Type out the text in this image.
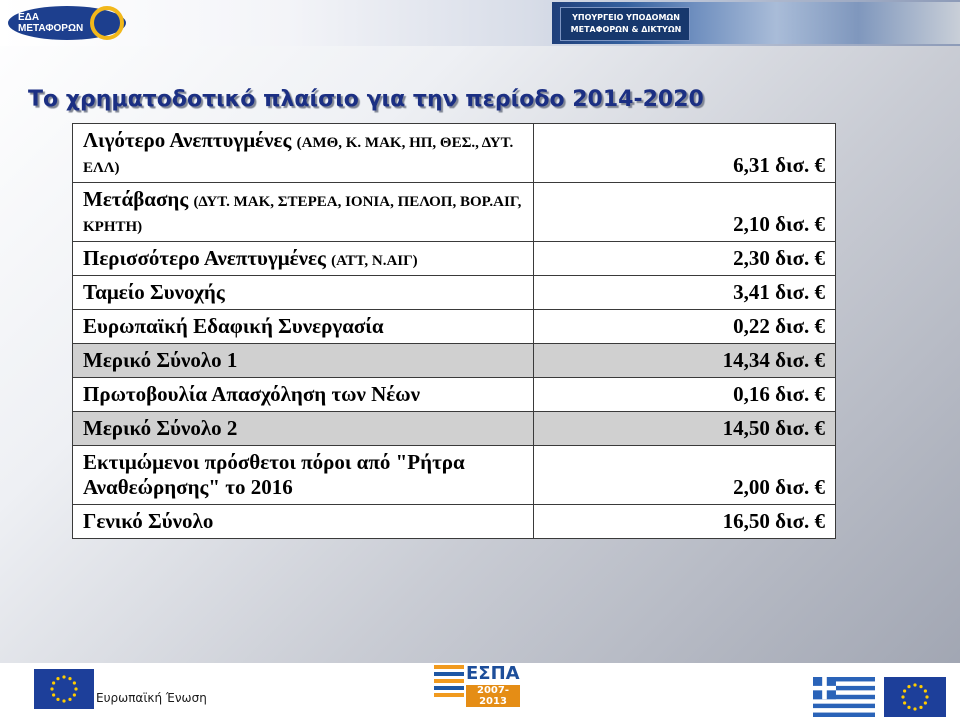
ΕΔΑ
ΜΕΤΑΦΟΡΩΝ
ΥΠΟΥΡΓΕΙΟ ΥΠΟΔΟΜΩΝ
ΜΕΤΑΦΟΡΩΝ & ΔΙΚΤΥΩΝ
Το χρηματοδοτικό πλαίσιο για την περίοδο 2014-2020
Λιγότερο Ανεπτυγμένες (ΑΜΘ, Κ. ΜΑΚ, ΗΠ, ΘΕΣ., ΔΥΤ. ΕΛΛ)	6,31 δισ. €
Μετάβασης (ΔΥΤ. ΜΑΚ, ΣΤΕΡΕΑ, ΙΟΝΙΑ, ΠΕΛΟΠ, ΒΟΡ.ΑΙΓ, ΚΡΗΤΗ)	2,10 δισ. €
Περισσότερο Ανεπτυγμένες (ΑΤΤ, Ν.ΑΙΓ)	2,30 δισ. €
Ταμείο Συνοχής	3,41 δισ. €
Ευρωπαϊκή Εδαφική Συνεργασία	0,22 δισ. €
Μερικό Σύνολο 1	14,34 δισ. €
Πρωτοβουλία Απασχόληση των Νέων	0,16 δισ. €
Μερικό Σύνολο 2	14,50 δισ. €
Εκτιμώμενοι πρόσθετοι πόροι από "Ρήτρα Αναθεώρησης" το 2016	2,00 δισ. €
Γενικό Σύνολο	16,50 δισ. €
Ευρωπαϊκή Ένωση
ΕΣΠΑ
2007-2013
